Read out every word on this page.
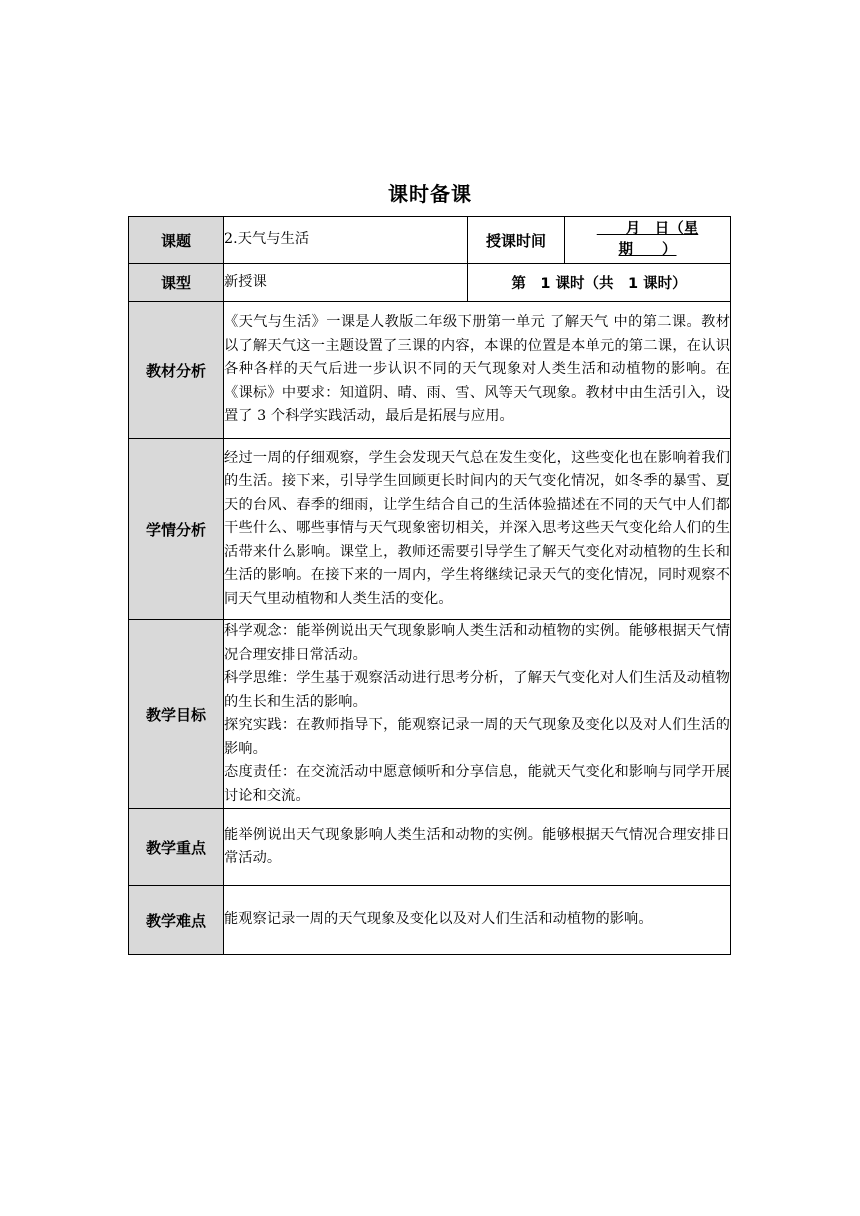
课时备课
课题	2.天气与生活	授课时间	　　月　日（星
期　　）
课型	新授课	第　1 课时（共　1 课时）	
教材分析	《天气与生活》一课是人教版二年级下册第一单元 了解天气 中的第二课。教材以了解天气这一主题设置了三课的内容，本课的位置是本单元的第二课，在认识各种各样的天气后进一步认识不同的天气现象对人类生活和动植物的影响。在《课标》中要求：知道阴、晴、雨、雪、风等天气现象。教材中由生活引入，设置了 3 个科学实践活动，最后是拓展与应用。		
学情分析	经过一周的仔细观察，学生会发现天气总在发生变化，这些变化也在影响着我们的生活。接下来，引导学生回顾更长时间内的天气变化情况，如冬季的暴雪、夏天的台风、春季的细雨，让学生结合自己的生活体验描述在不同的天气中人们都干些什么、哪些事情与天气现象密切相关，并深入思考这些天气变化给人们的生活带来什么影响。课堂上，教师还需要引导学生了解天气变化对动植物的生长和生活的影响。在接下来的一周内，学生将继续记录天气的变化情况，同时观察不同天气里动植物和人类生活的变化。		
教学目标	科学观念：能举例说出天气现象影响人类生活和动植物的实例。能够根据天气情况合理安排日常活动。
科学思维：学生基于观察活动进行思考分析，了解天气变化对人们生活及动植物的生长和生活的影响。
探究实践：在教师指导下，能观察记录一周的天气现象及变化以及对人们生活的影响。
态度责任：在交流活动中愿意倾听和分享信息，能就天气变化和影响与同学开展讨论和交流。		

教学重点	能举例说出天气现象影响人类生活和动物的实例。能够根据天气情况合理安排日常活动。		
教学难点	能观察记录一周的天气现象及变化以及对人们生活和动植物的影响。		
